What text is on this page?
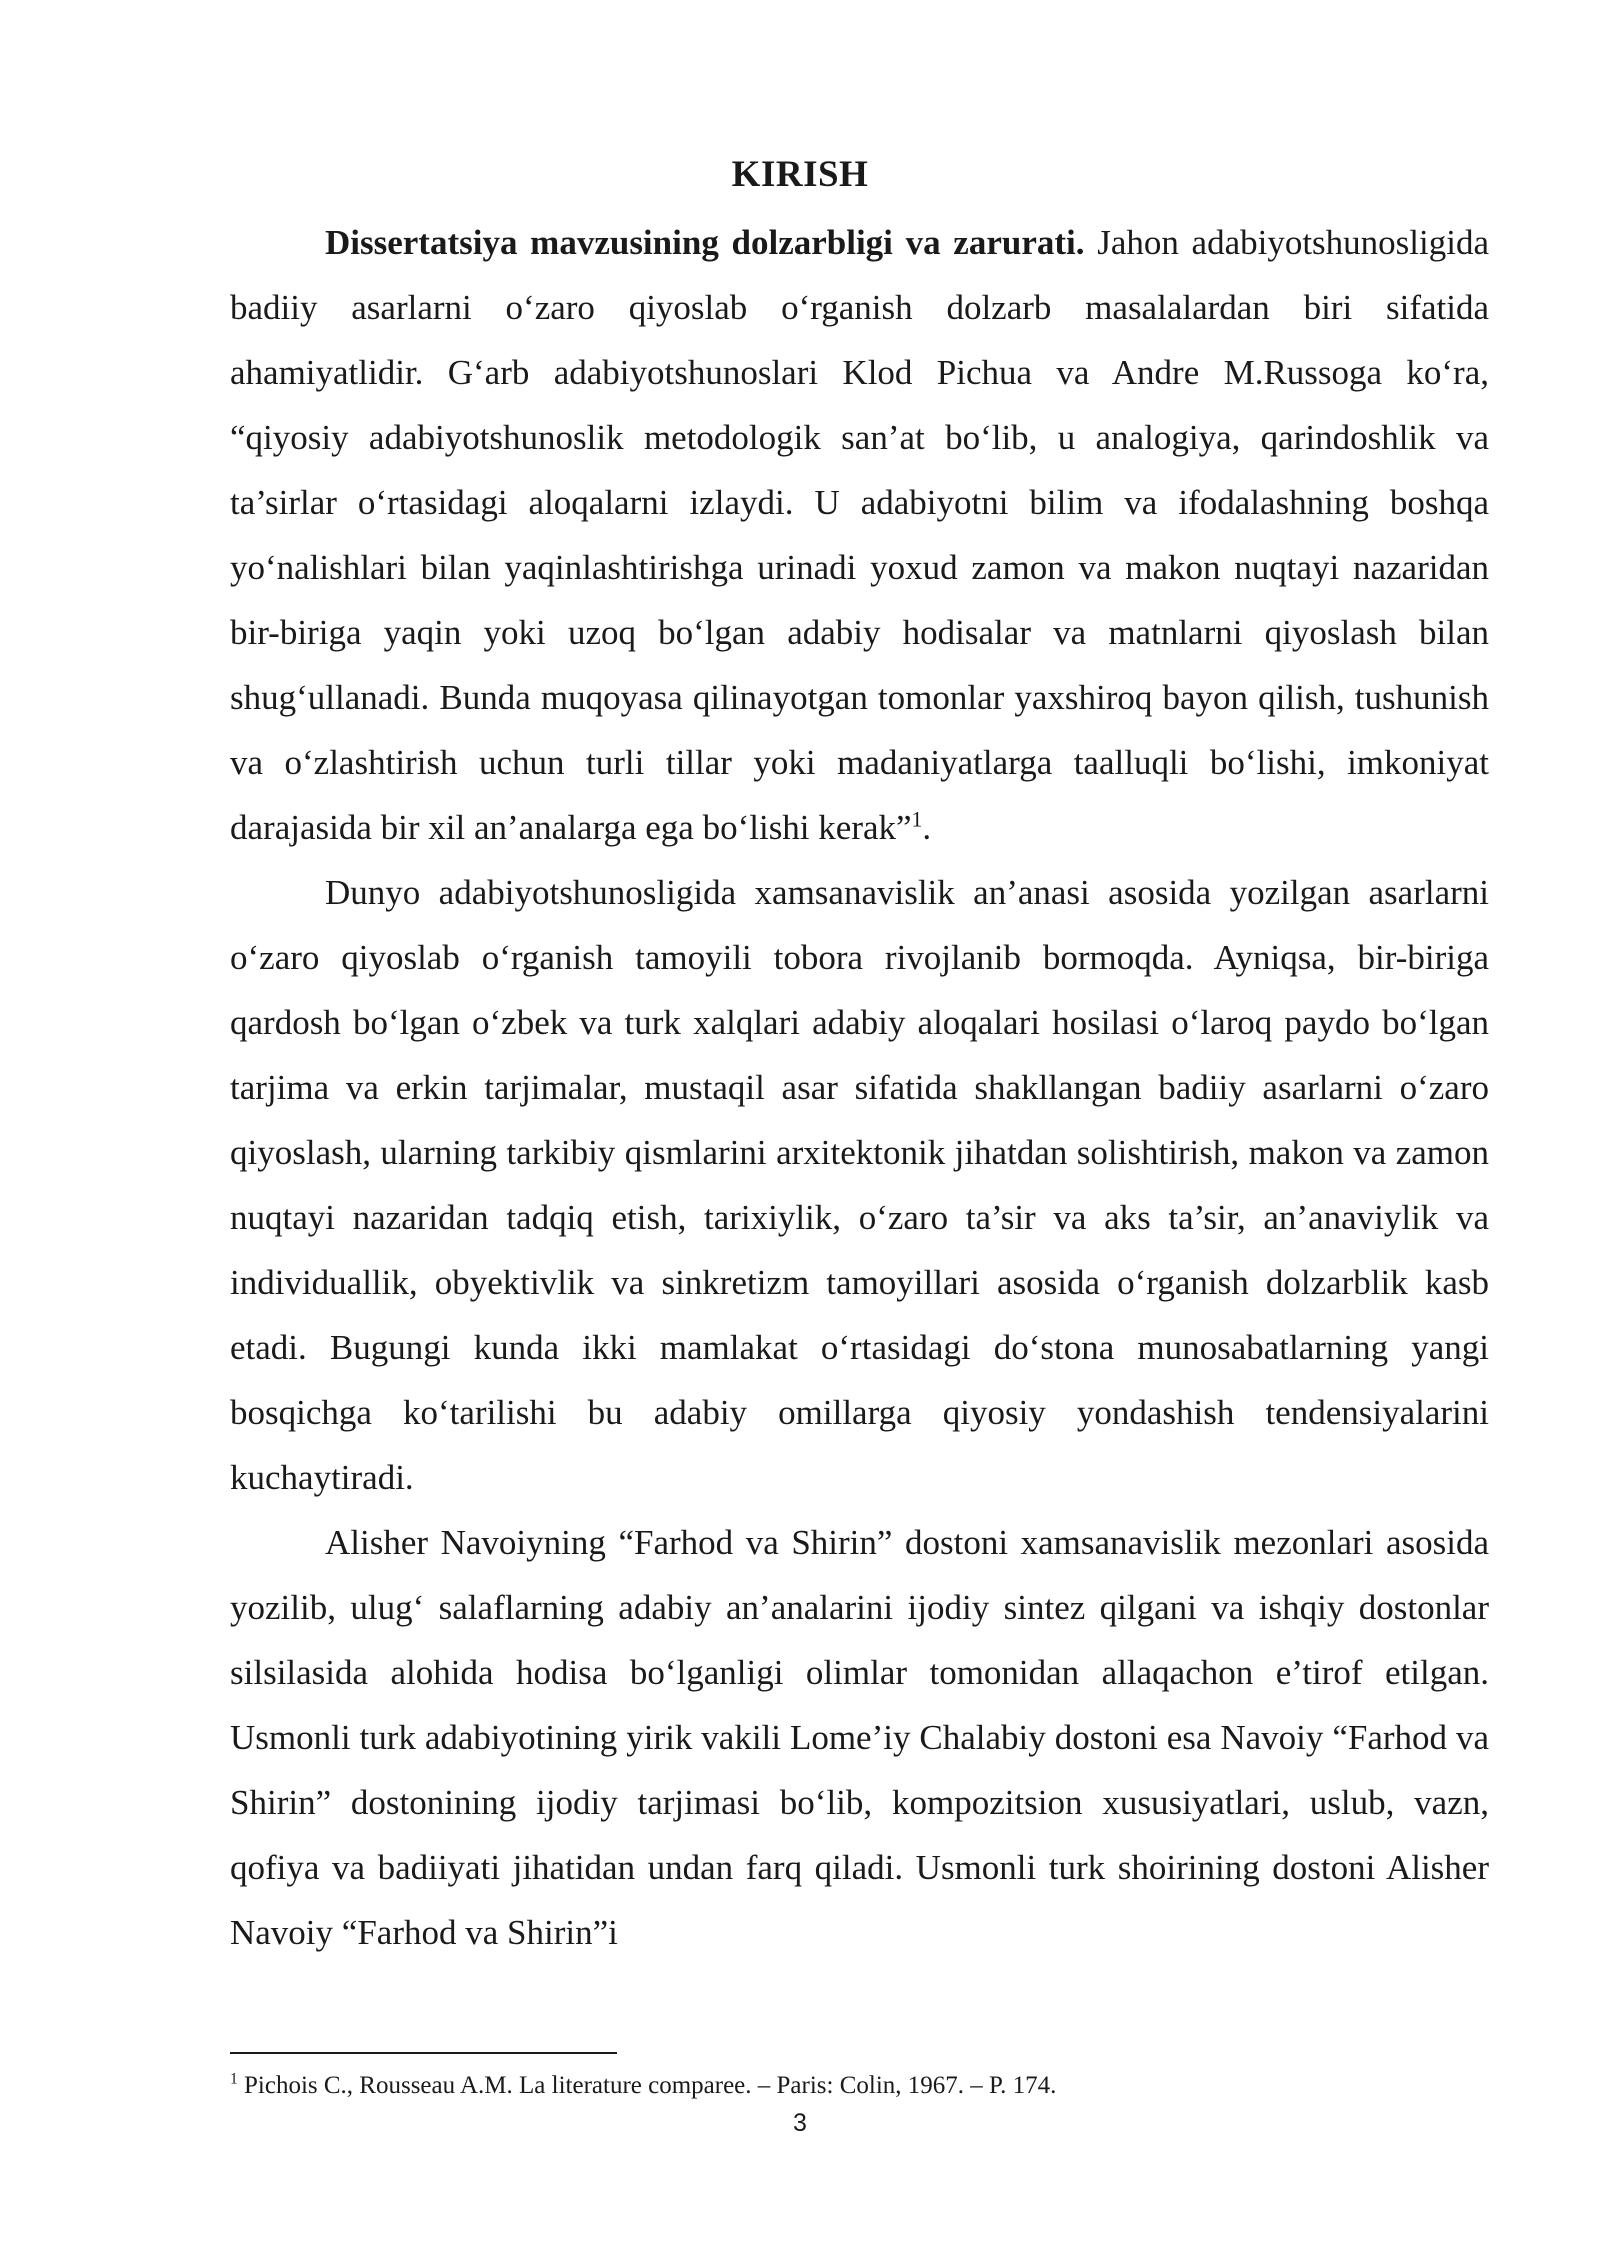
KIRISH

Dissertatsiya mavzusining dolzarbligi va zarurati. Jahon adabiyotshunosligida badiiy asarlarni o‘zaro qiyoslab o‘rganish dolzarb masalalardan biri sifatida ahamiyatlidir. G‘arb adabiyotshunoslari Klod Pichua va Andre M.Russoga ko‘ra, “qiyosiy adabiyotshunoslik metodologik san’at bo‘lib, u analogiya, qarindoshlik va ta’sirlar o‘rtasidagi aloqalarni izlaydi. U adabiyotni bilim va ifodalashning boshqa yo‘nalishlari bilan yaqinlashtirishga urinadi yoxud zamon va makon nuqtayi nazaridan bir-biriga yaqin yoki uzoq bo‘lgan adabiy hodisalar va matnlarni qiyoslash bilan shug‘ullanadi. Bunda muqoyasa qilinayotgan tomonlar yaxshiroq bayon qilish, tushunish va o‘zlashtirish uchun turli tillar yoki madaniyatlarga taalluqli bo‘lishi, imkoniyat darajasida bir xil an’analarga ega bo‘lishi kerak”$^1$.

Dunyo adabiyotshunosligida xamsanavislik an’anasi asosida yozilgan asarlarni o‘zaro qiyoslab o‘rganish tamoyili tobora rivojlanib bormoqda. Ayniqsa, bir-biriga qardosh bo‘lgan o‘zbek va turk xalqlari adabiy aloqalari hosilasi o‘laroq paydo bo‘lgan tarjima va erkin tarjimalar, mustaqil asar sifatida shakllangan badiiy asarlarni o‘zaro qiyoslash, ularning tarkibiy qismlarini arxitektonik jihatdan solishtirish, makon va zamon nuqtayi nazaridan tadqiq etish, tarixiylik, o‘zaro ta’sir va aks ta’sir, an’anaviylik va individuallik, obyektivlik va sinkretizm tamoyillari asosida o‘rganish dolzarblik kasb etadi. Bugungi kunda ikki mamlakat o‘rtasidagi do‘stona munosabatlarning yangi bosqichga ko‘tarilishi bu adabiy omillarga qiyosiy yondashish tendensiyalarini kuchaytiradi.

Alisher Navoiyning “Farhod va Shirin” dostoni xamsanavislik mezonlari asosida yozilib, ulug‘ salaflarning adabiy an’analarini ijodiy sintez qilgani va ishqiy dostonlar silsilasida alohida hodisa bo‘lganligi olimlar tomonidan allaqachon e’tirof etilgan. Usmonli turk adabiyotining yirik vakili Lome’iy Chalabiy dostoni esa Navoiy “Farhod va Shirin” dostonining ijodiy tarjimasi bo‘lib, kompozitsion xususiyatlari, uslub, vazn, qofiya va badiiyati jihatidan undan farq qiladi. Usmonli turk shoirining dostoni Alisher Navoiy “Farhod va Shirin”i

$^1$ Pichois C., Rousseau A.M. La literature comparee. – Paris: Colin, 1967. – P. 174.
3
